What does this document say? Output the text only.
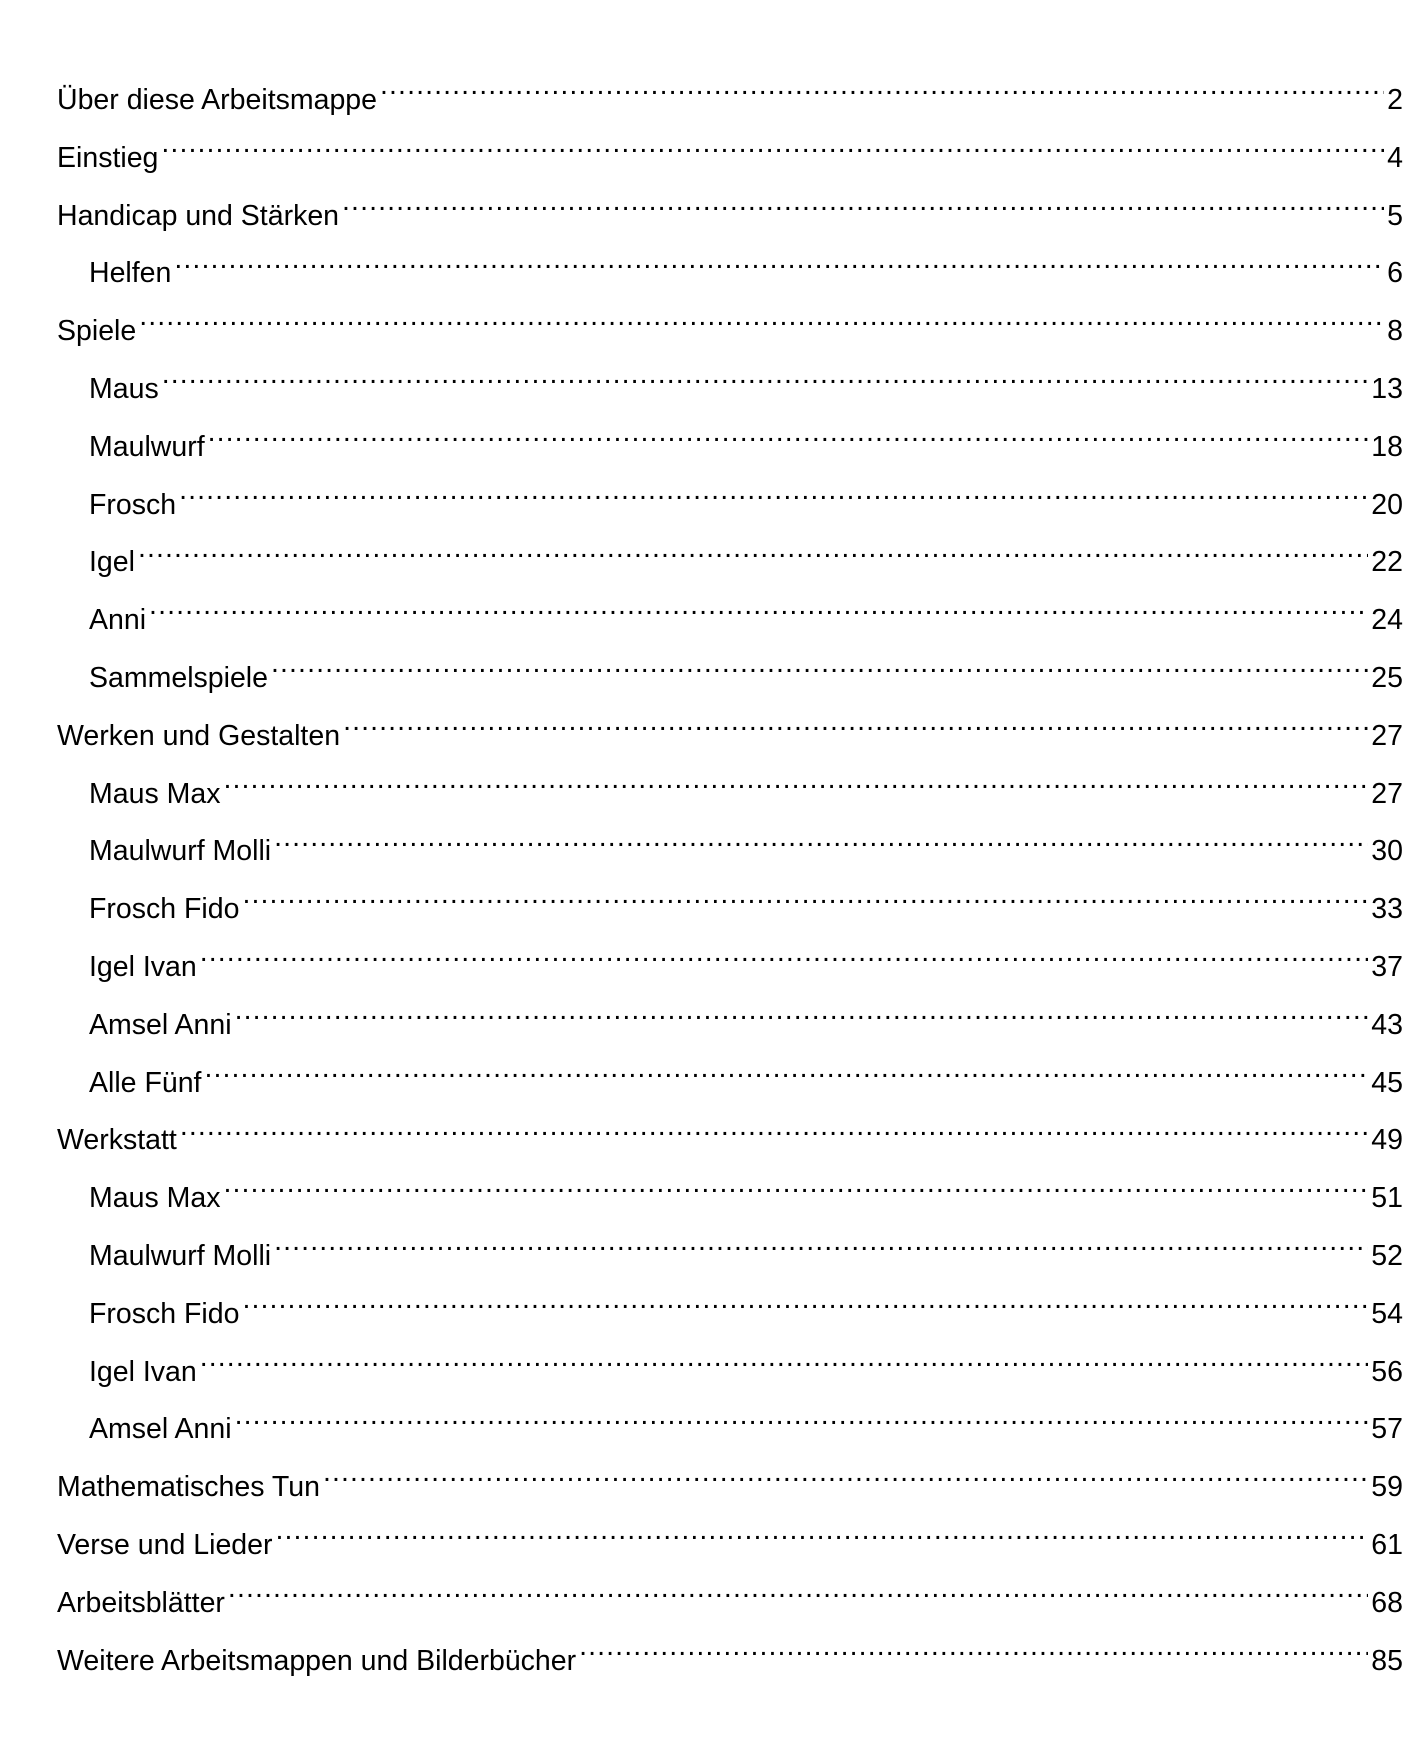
Über diese Arbeitsmappe .....	2
Einstieg .....	4
Handicap und Stärken .....	5
Helfen .....	6
Spiele .....	8
Maus .....	13
Maulwurf .....	18
Frosch .....	20
Igel .....	22
Anni .....	24
Sammelspiele .....	25
Werken und Gestalten .....	27
Maus Max .....	27
Maulwurf Molli .....	30
Frosch Fido .....	33
Igel Ivan .....	37
Amsel Anni .....	43
Alle Fünf .....	45
Werkstatt .....	49
Maus Max .....	51
Maulwurf Molli .....	52
Frosch Fido .....	54
Igel Ivan .....	56
Amsel Anni .....	57
Mathematisches Tun .....	59
Verse und Lieder .....	61
Arbeitsblätter .....	68
Weitere Arbeitsmappen und Bilderbücher .....	85
